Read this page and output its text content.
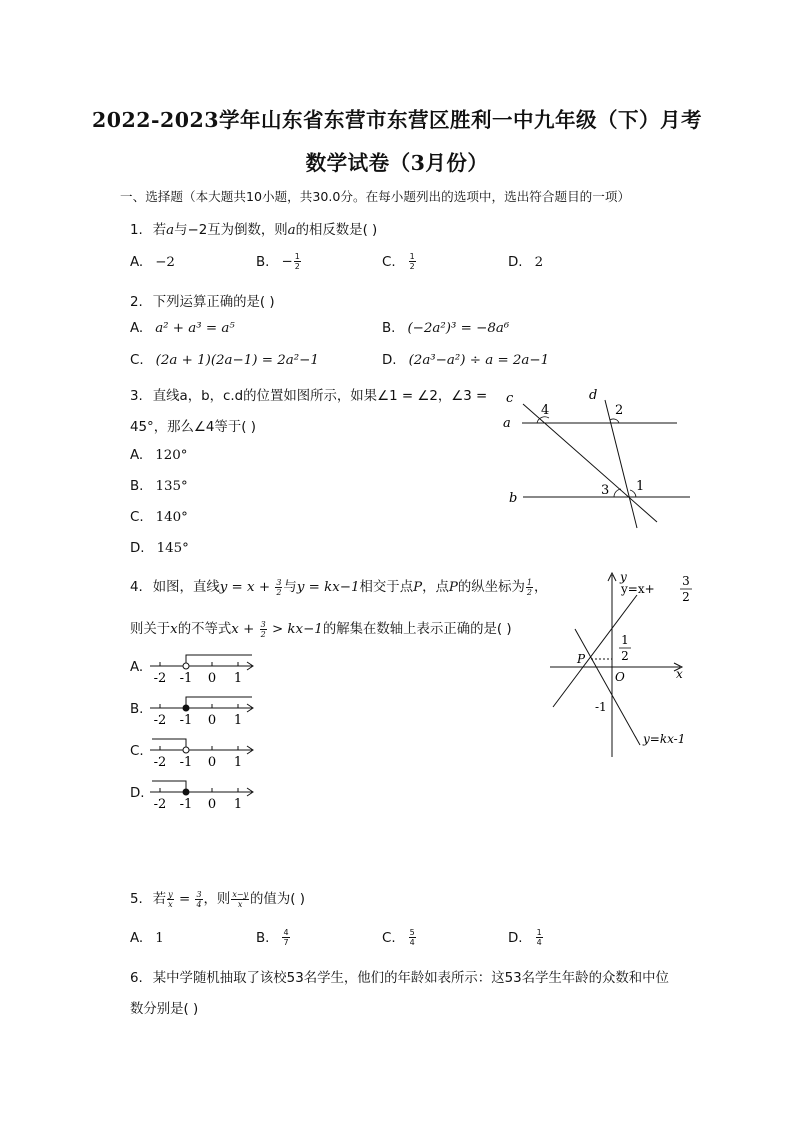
2022-2023学年山东省东营市东营区胜利一中九年级（下）月考
数学试卷（3月份）
一、选择题（本大题共10小题，共30.0分。在每小题列出的选项中，选出符合题目的一项）
1. 若a与−2互为倒数，则a的相反数是( )
A. −2	B. − $\frac{1}{2}$	C. $\frac{1}{2}$	D. 2
2. 下列运算正确的是( )
A. a² + a³ = a⁵	B. (−2a²)³ = −8a⁶
C. (2a + 1)(2a−1) = 2a²−1	D. (2a³−a²) ÷ a = 2a−1
3. 直线a，b，c.d的位置如图所示，如果∠1 = ∠2，∠3 =
45°，那么∠4等于( )
A. 120°
B. 135°
C. 140°
D. 145°
c	d
a
b
4	2
3 1
4. 如图，直线$y = x + \frac{3}{2}$ 与y = kx−1相交于点P，点P的纵坐标为 $\frac{1}{2}$ ，
则关于x的不等式$x + \frac{3}{2} > kx-1$的解集在数轴上表示正确的是( )
A.
-2 -1 0 1
B.
-2 -1 0 1
C.
-2 -1 0 1
D.
-2 -1 0 1
y=x+
3
2
1
2
y
x
P
O
-1
y=kx-1
5. 若 $\frac{y}{x} = \frac{3}{4}$ ，则 $\frac{x-y}{x}$ 的值为( )
A. 1	B. $\frac{4}{7}$	C. $\frac{5}{4}$	D. $\frac{1}{4}$
6. 某中学随机抽取了该校53名学生，他们的年龄如表所示：这53名学生年龄的众数和中位
数分别是( )
